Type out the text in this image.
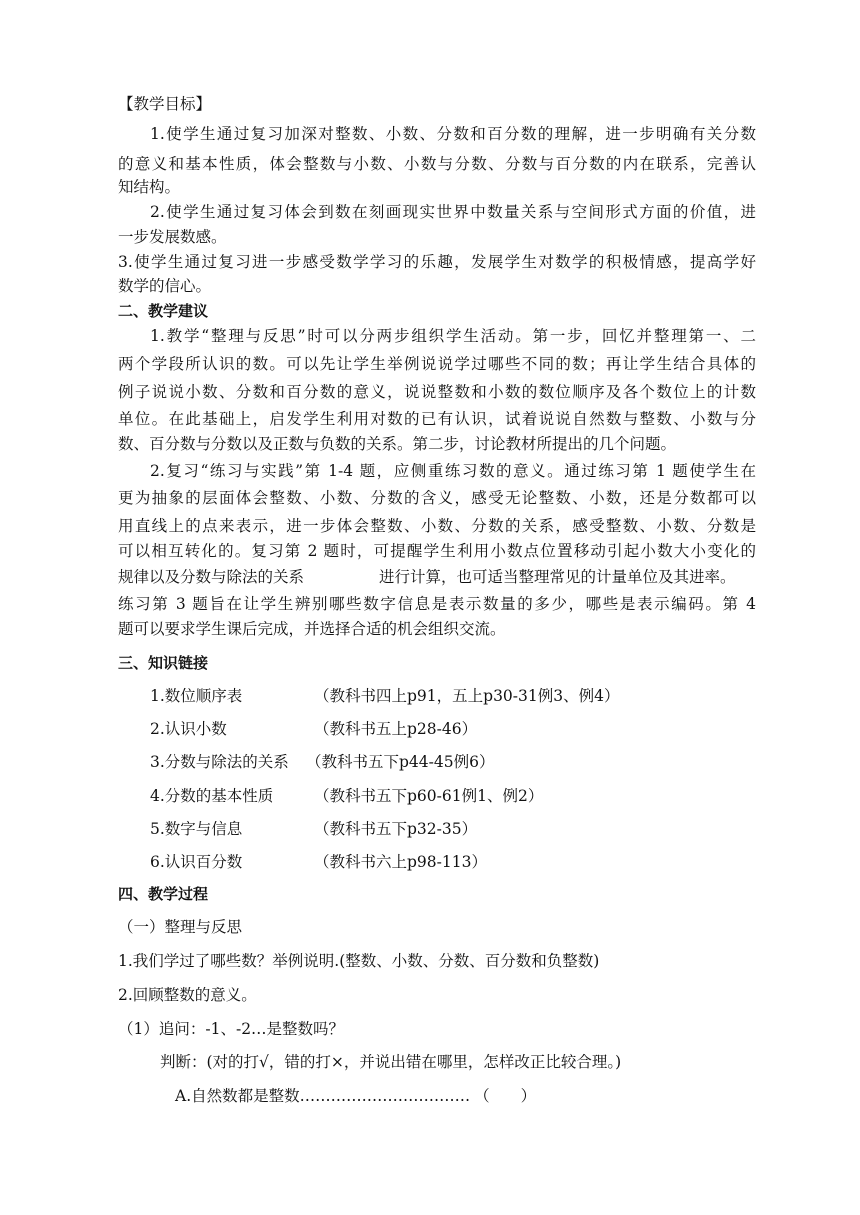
【教学目标】
1.使学生通过复习加深对整数、小数、分数和百分数的理解，进一步明确有关分数
的意义和基本性质，体会整数与小数、小数与分数、分数与百分数的内在联系，完善认
知结构。
2.使学生通过复习体会到数在刻画现实世界中数量关系与空间形式方面的价值，进
一步发展数感。
3.使学生通过复习进一步感受数学学习的乐趣，发展学生对数学的积极情感，提高学好
数学的信心。
二、教学建议
1.教学“整理与反思”时可以分两步组织学生活动。第一步，回忆并整理第一、二
两个学段所认识的数。可以先让学生举例说说学过哪些不同的数；再让学生结合具体的
例子说说小数、分数和百分数的意义，说说整数和小数的数位顺序及各个数位上的计数
单位。在此基础上，启发学生利用对数的已有认识，试着说说自然数与整数、小数与分
数、百分数与分数以及正数与负数的关系。第二步，讨论教材所提出的几个问题。
2.复习“练习与实践”第 1-4 题，应侧重练习数的意义。通过练习第 1 题使学生在
更为抽象的层面体会整数、小数、分数的含义，感受无论整数、小数，还是分数都可以
用直线上的点来表示，进一步体会整数、小数、分数的关系，感受整数、小数、分数是
可以相互转化的。复习第 2 题时，可提醒学生利用小数点位置移动引起小数大小变化的
规律以及分数与除法的关系	进行计算，也可适当整理常见的计量单位及其进率。
练习第 3 题旨在让学生辨别哪些数字信息是表示数量的多少，哪些是表示编码。第 4
题可以要求学生课后完成，并选择合适的机会组织交流。
三、知识链接
1.数位顺序表	（教科书四上p91，五上p30-31例3、例4）
2.认识小数	（教科书五上p28-46）
3.分数与除法的关系 （教科书五下p44-45例6）
4.分数的基本性质	（教科书五下p60-61例1、例2）
5.数字与信息	（教科书五下p32-35）
6.认识百分数	（教科书六上p98-113）
四、教学过程
（一）整理与反思
1.我们学过了哪些数？举例说明.(整数、小数、分数、百分数和负整数)
2.回顾整数的意义。
（1）追问：-1、-2…是整数吗？
判断：(对的打√，错的打×，并说出错在哪里，怎样改正比较合理。)
A.自然数都是整数…………………………… （　　）
